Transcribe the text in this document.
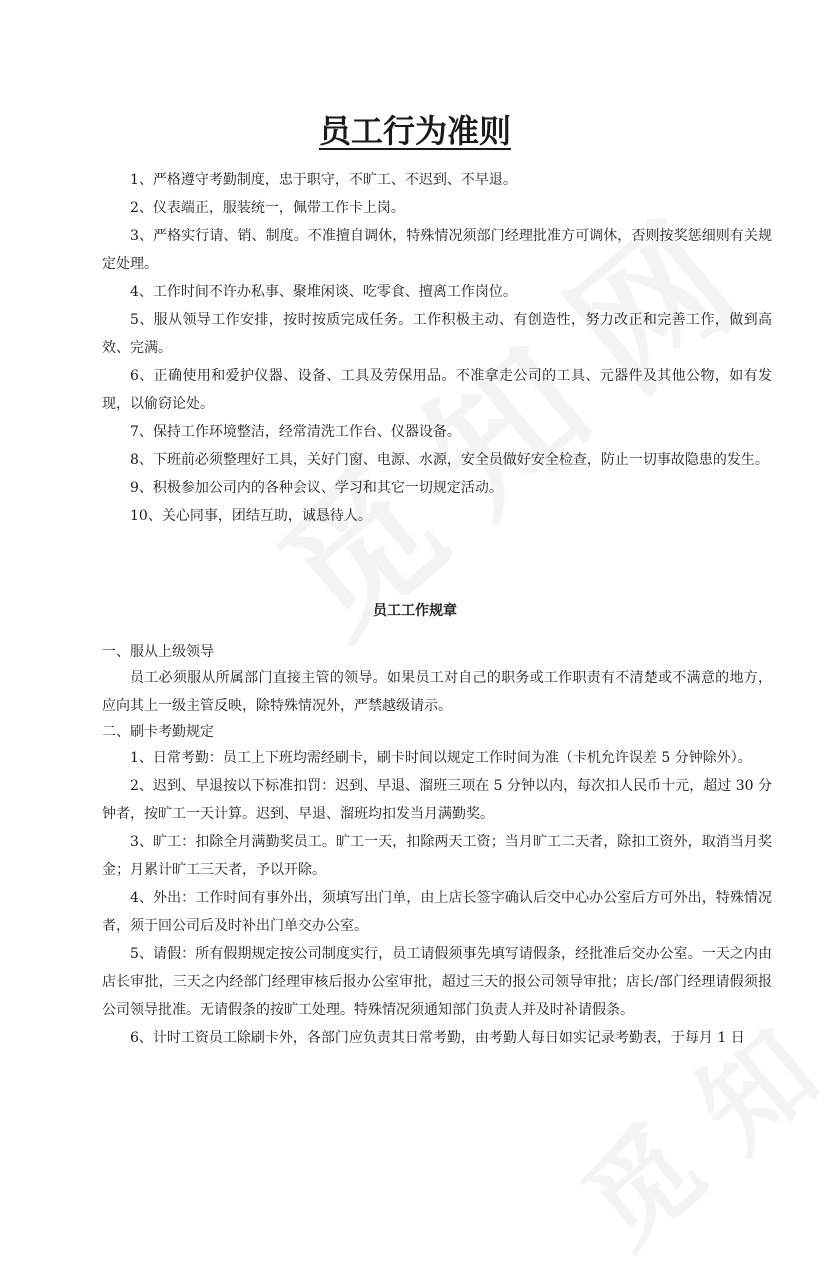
员工行为准则

1、严格遵守考勤制度，忠于职守，不旷工、不迟到、不早退。

2、仪表端正，服装统一，佩带工作卡上岗。

3、严格实行请、销、制度。不准擅自调休，特殊情况须部门经理批准方可调休，否则按奖惩细则有关规定处理。

4、工作时间不许办私事、聚堆闲谈、吃零食、擅离工作岗位。

5、服从领导工作安排，按时按质完成任务。工作积极主动、有创造性，努力改正和完善工作，做到高效、完满。

6、正确使用和爱护仪器、设备、工具及劳保用品。不准拿走公司的工具、元器件及其他公物，如有发现，以偷窃论处。

7、保持工作环境整洁，经常清洗工作台、仪器设备。

8、下班前必须整理好工具，关好门窗、电源、水源，安全员做好安全检查，防止一切事故隐患的发生。

9、积极参加公司内的各种会议、学习和其它一切规定活动。

10、关心同事，团结互助，诚恳待人。

员工工作规章

一、服从上级领导

员工必须服从所属部门直接主管的领导。如果员工对自己的职务或工作职责有不清楚或不满意的地方，应向其上一级主管反映，除特殊情况外，严禁越级请示。

二、刷卡考勤规定

1、日常考勤：员工上下班均需经刷卡，刷卡时间以规定工作时间为准（卡机允许误差 5 分钟除外）。

2、迟到、早退按以下标准扣罚：迟到、早退、溜班三项在 5 分钟以内，每次扣人民币十元，超过 30 分钟者，按旷工一天计算。迟到、早退、溜班均扣发当月满勤奖。

3、旷工：扣除全月满勤奖员工。旷工一天，扣除两天工资；当月旷工二天者，除扣工资外，取消当月奖金；月累计旷工三天者，予以开除。

4、外出：工作时间有事外出，须填写出门单，由上店长签字确认后交中心办公室后方可外出，特殊情况者，须于回公司后及时补出门单交办公室。

5、请假：所有假期规定按公司制度实行，员工请假须事先填写请假条，经批准后交办公室。一天之内由店长审批，三天之内经部门经理审核后报办公室审批，超过三天的报公司领导审批；店长/部门经理请假须报公司领导批准。无请假条的按旷工处理。特殊情况须通知部门负责人并及时补请假条。

6、计时工资员工除刷卡外，各部门应负责其日常考勤，由考勤人每日如实记录考勤表，于每月 1 日
